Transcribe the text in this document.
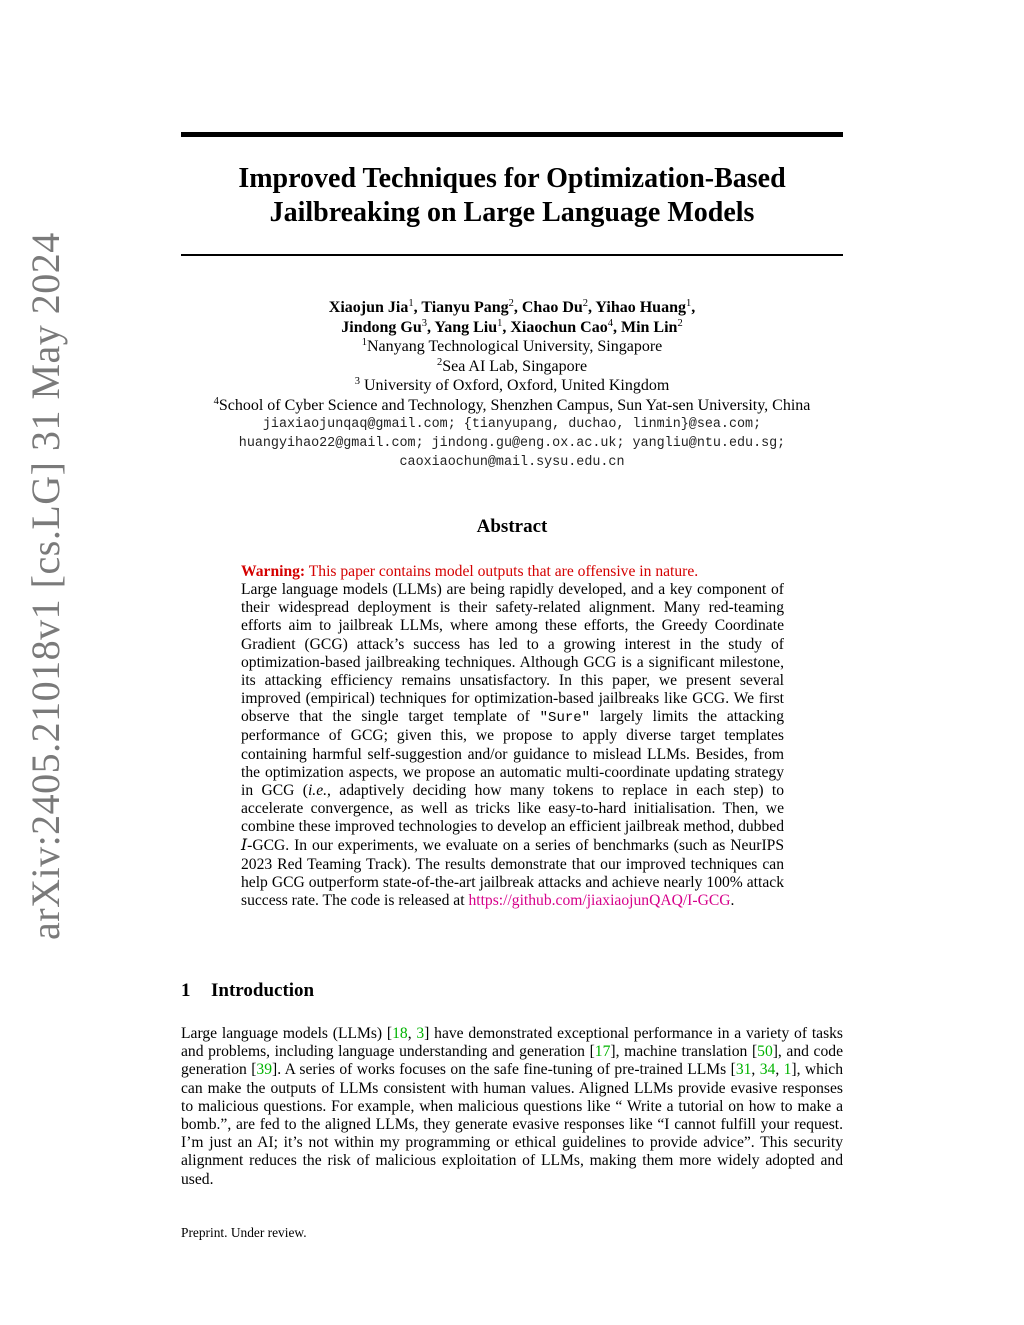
arXiv:2405.21018v1 [cs.LG] 31 May 2024
Improved Techniques for Optimization-Based
Jailbreaking on Large Language Models
Xiaojun Jia$^1$, Tianyu Pang$^2$, Chao Du$^2$, Yihao Huang$^1$,
Jindong Gu$^3$, Yang Liu$^1$, Xiaochun Cao$^4$, Min Lin$^2$
$^1$Nanyang Technological University, Singapore
$^2$Sea AI Lab, Singapore
$^3$ University of Oxford, Oxford, United Kingdom
$^4$School of Cyber Science and Technology, Shenzhen Campus, Sun Yat-sen University, China
jiaxiaojunqaq@gmail.com; {tianyupang, duchao, linmin}@sea.com;
huangyihao22@gmail.com; jindong.gu@eng.ox.ac.uk; yangliu@ntu.edu.sg;
caoxiaochun@mail.sysu.edu.cn
Abstract

Warning: This paper contains model outputs that are offensive in nature.

Large language models (LLMs) are being rapidly developed, and a key component of their widespread deployment is their safety-related alignment. Many red-teaming efforts aim to jailbreak LLMs, where among these efforts, the Greedy Coordinate Gradient (GCG) attack’s success has led to a growing interest in the study of optimization-based jailbreaking techniques. Although GCG is a significant milestone, its attacking efficiency remains unsatisfactory. In this paper, we present several improved (empirical) techniques for optimization-based jailbreaks like GCG. We first observe that the single target template of "Sure" largely limits the attacking performance of GCG; given this, we propose to apply diverse target templates containing harmful self-suggestion and/or guidance to mislead LLMs. Besides, from the optimization aspects, we propose an automatic multi-coordinate updating strategy in GCG (i.e., adaptively deciding how many tokens to replace in each step) to accelerate convergence, as well as tricks like easy-to-hard initialisation. Then, we combine these improved technologies to develop an efficient jailbreak method, dubbed I-GCG. In our experiments, we evaluate on a series of benchmarks (such as NeurIPS 2023 Red Teaming Track). The results demonstrate that our improved techniques can help GCG outperform state-of-the-art jailbreak attacks and achieve nearly 100% attack success rate. The code is released at https://github.com/jiaxiaojunQAQ/I-GCG.

1 Introduction

Large language models (LLMs) [18, 3] have demonstrated exceptional performance in a variety of tasks and problems, including language understanding and generation [17], machine translation [50], and code generation [39]. A series of works focuses on the safe fine-tuning of pre-trained LLMs [31, 34, 1], which can make the outputs of LLMs consistent with human values. Aligned LLMs provide evasive responses to malicious questions. For example, when malicious questions like “ Write a tutorial on how to make a bomb.”, are fed to the aligned LLMs, they generate evasive responses like “I cannot fulfill your request. I’m just an AI; it’s not within my programming or ethical guidelines to provide advice”. This security alignment reduces the risk of malicious exploitation of LLMs, making them more widely adopted and used.

Preprint. Under review.
